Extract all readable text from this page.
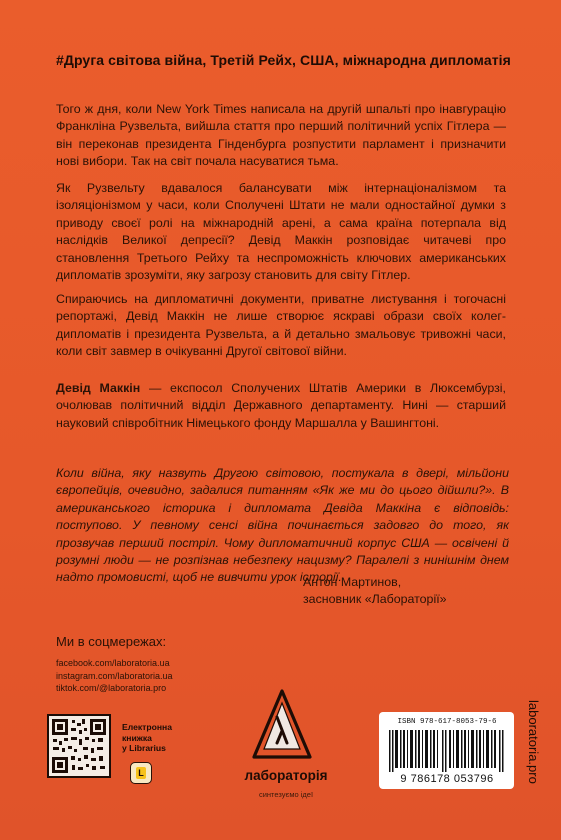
#Друга світова війна, Третій Рейх, США, міжнародна дипломатія
Того ж дня, коли New York Times написала на другій шпальті про інавгурацію Франкліна Рузвельта, вийшла стаття про перший політичний успіх Гітлера — він переконав президента Гінденбурга розпустити парламент і призначити нові вибори. Так на світ почала насуватися тьма.
Як Рузвельту вдавалося балансувати між інтернаціоналізмом та ізоляціонізмом у часи, коли Сполучені Штати не мали одностайної думки з приводу своєї ролі на міжнародній арені, а сама країна потерпала від наслідків Великої депресії? Девід Маккін розповідає читачеві про становлення Третього Рейху та неспроможність ключових американських дипломатів зрозуміти, яку загрозу становить для світу Гітлер.
Спираючись на дипломатичні документи, приватне листування і тогочасні репортажі, Девід Маккін не лише створює яскраві образи своїх колег-дипломатів і президента Рузвельта, а й детально змальовує тривожні часи, коли світ завмер в очікуванні Другої світової війни.
Девід Маккін — експосол Сполучених Штатів Америки в Люксембурзі, очолював політичний відділ Державного департаменту. Нині — старший науковий співробітник Німецького фонду Маршалла у Вашингтоні.
Коли війна, яку назвуть Другою світовою, постукала в двері, мільйони європейців, очевидно, задалися питанням «Як же ми до цього дійшли?». В американського історика і дипломата Девіда Маккіна є відповідь: поступово. У певному сенсі війна починається задовго до того, як прозвучав перший постріл. Чому дипломатичний корпус США — освічені й розумні люди — не розпізнав небезпеку нацизму? Паралелі з нинішнім днем надто промовисті, щоб не вивчити урок історії.
Антон Мартинов,
засновник «Лабораторії»
Ми в соцмережах:
facebook.com/laboratoria.ua
instagram.com/laboratoria.ua
tiktok.com/@laboratoria.pro
Електронна
книжка
у Librarius
L	лабораторія
синтезуємо ідеї
ISBN 978-617-8053-79-6
9 786178 053796	laboratoria.pro
